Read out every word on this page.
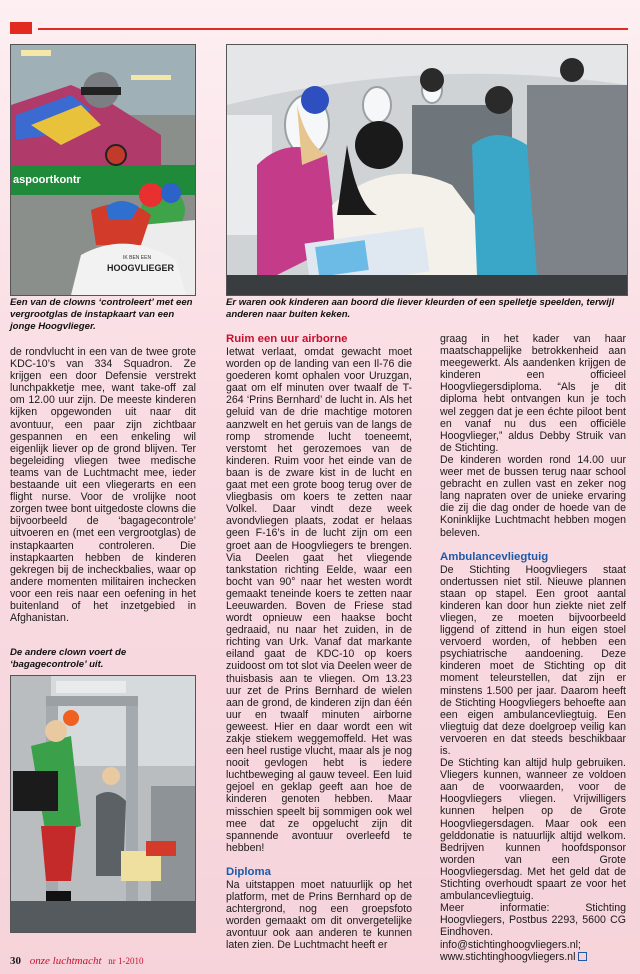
aspoortkontr
IK BEN EEN
HOOGVLIEGER

Een van de clowns ‘controleert’ met een vergrootglas de instapkaart van een jonge Hoogvlieger.

Er waren ook kinderen aan boord die liever kleurden of een spelletje speelden, terwijl anderen naar buiten keken.

de rondvlucht in een van de twee grote KDC-10’s van 334 Squadron. Ze krijgen een door Defensie verstrekt lunchpakketje mee, want take-off zal om 12.00 uur zijn. De meeste kinderen kijken opgewonden uit naar dit avontuur, een paar zijn zichtbaar gespannen en een enkeling wil eigenlijk liever op de grond blijven. Ter begeleiding vliegen twee medische teams van de Luchtmacht mee, ieder bestaande uit een vliegerarts en een flight nurse. Voor de vrolijke noot zorgen twee bont uitgedoste clowns die bijvoorbeeld de ‘bagagecontrole’ uitvoeren en (met een vergrootglas) de instapkaarten controleren. Die instapkaarten hebben de kinderen gekregen bij de incheckbalies, waar op andere momenten militairen inchecken voor een reis naar een oefening in het buitenland of het inzetgebied in Afghanistan.

De andere clown voert de ‘bagagecontrole’ uit.

Ruim een uur airborne

Ietwat verlaat, omdat gewacht moet worden op de landing van een Il-76 die goederen komt ophalen voor Uruzgan, gaat om elf minuten over twaalf de T-264 ‘Prins Bernhard’ de lucht in. Als het geluid van de drie machtige motoren aanzwelt en het geruis van de langs de romp stromende lucht toeneemt, verstomt het gerozemoes van de kinderen. Ruim voor het einde van de baan is de zware kist in de lucht en gaat met een grote boog terug over de vliegbasis om koers te zetten naar Volkel. Daar vindt deze week avondvliegen plaats, zodat er helaas geen F-16’s in de lucht zijn om een groet aan de Hoogvliegers te brengen. Via Deelen gaat het vliegende tankstation richting Eelde, waar een bocht van 90° naar het westen wordt gemaakt teneinde koers te zetten naar Leeuwarden. Boven de Friese stad wordt opnieuw een haakse bocht gedraaid, nu naar het zuiden, in de richting van Urk. Vanaf dat markante eiland gaat de KDC-10 op koers zuidoost om tot slot via Deelen weer de thuisbasis aan te vliegen. Om 13.23 uur zet de Prins Bernhard de wielen aan de grond, de kinderen zijn dan één uur en twaalf minuten airborne geweest. Hier en daar wordt een wit zakje stiekem weggemoffeld. Het was een heel rustige vlucht, maar als je nog nooit gevlogen hebt is iedere luchtbeweging al gauw teveel. Een luid gejoel en geklap geeft aan hoe de kinderen genoten hebben. Maar misschien speelt bij sommigen ook wel mee dat ze opgelucht zijn dit spannende avontuur overleefd te hebben!

Diploma

Na uitstappen moet natuurlijk op het platform, met de Prins Bernhard op de achtergrond, nog een groepsfoto worden gemaakt om dit onvergetelijke avontuur ook aan anderen te kunnen laten zien. De Luchtmacht heeft er

graag in het kader van haar maatschappelijke betrokkenheid aan meegewerkt. Als aandenken krijgen de kinderen een officieel Hoogvliegersdiploma. “Als je dit diploma hebt ontvangen kun je toch wel zeggen dat je een échte piloot bent en vanaf nu dus een officiële Hoogvlieger,” aldus Debby Struik van de Stichting.

De kinderen worden rond 14.00 uur weer met de bussen terug naar school gebracht en zullen vast en zeker nog lang napraten over de unieke ervaring die zij die dag onder de hoede van de Koninklijke Luchtmacht hebben mogen beleven.

Ambulancevliegtuig

De Stichting Hoogvliegers staat ondertussen niet stil. Nieuwe plannen staan op stapel. Een groot aantal kinderen kan door hun ziekte niet zelf vliegen, ze moeten bijvoorbeeld liggend of zittend in hun eigen stoel vervoerd worden, of hebben een psychiatrische aandoening. Deze kinderen moet de Stichting op dit moment teleurstellen, dat zijn er minstens 1.500 per jaar. Daarom heeft de Stichting Hoogvliegers behoefte aan een eigen ambulancevliegtuig. Een vliegtuig dat deze doelgroep veilig kan vervoeren en dat steeds beschikbaar is.

De Stichting kan altijd hulp gebruiken. Vliegers kunnen, wanneer ze voldoen aan de voorwaarden, voor de Hoogvliegers vliegen. Vrijwilligers kunnen helpen op de Grote Hoogvliegersdagen. Maar ook een gelddonatie is natuurlijk altijd welkom. Bedrijven kunnen hoofdsponsor worden van een Grote Hoogvliegersdag. Met het geld dat de Stichting overhoudt spaart ze voor het ambulancevliegtuig.

Meer informatie: Stichting Hoogvliegers, Postbus 2293, 5600 CG Eindhoven. info@stichtinghoogvliegers.nl; www.stichtinghoogvliegers.nl

30 onze luchtmacht nr 1-2010
